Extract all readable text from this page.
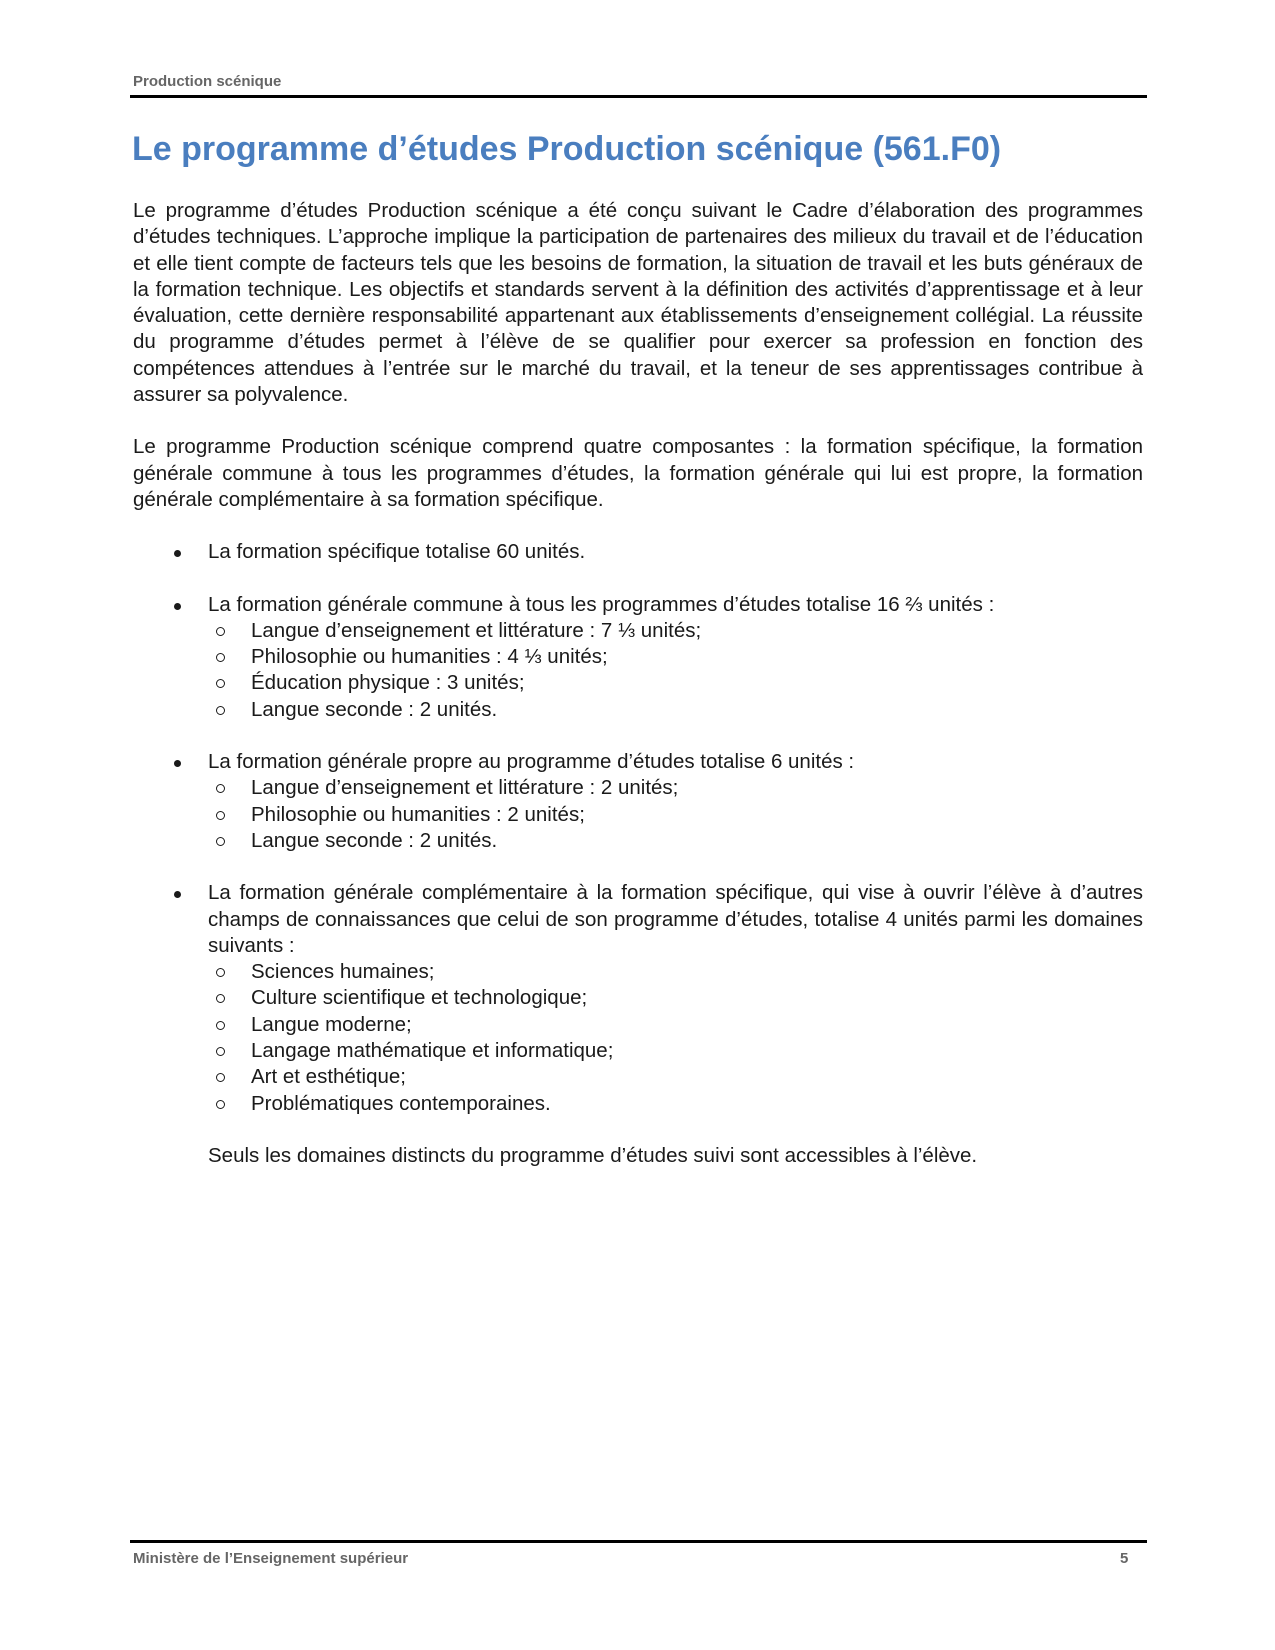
Production scénique
Le programme d’études Production scénique (561.F0)

Le programme d’études Production scénique a été conçu suivant le Cadre d’élaboration des programmes d’études techniques. L’approche implique la participation de partenaires des milieux du travail et de l’éducation et elle tient compte de facteurs tels que les besoins de formation, la situation de travail et les buts généraux de la formation technique. Les objectifs et standards servent à la définition des activités d’apprentissage et à leur évaluation, cette dernière responsabilité appartenant aux établissements d’enseignement collégial. La réussite du programme d’études permet à l’élève de se qualifier pour exercer sa profession en fonction des compétences attendues à l’entrée sur le marché du travail, et la teneur de ses apprentissages contribue à assurer sa polyvalence.

Le programme Production scénique comprend quatre composantes : la formation spécifique, la formation générale commune à tous les programmes d’études, la formation générale qui lui est propre, la formation générale complémentaire à sa formation spécifique.

La formation spécifique totalise 60 unités.
La formation générale commune à tous les programmes d’études totalise 16 ⅔ unités :
Langue d’enseignement et littérature : 7 ⅓ unités;
Philosophie ou humanities : 4 ⅓ unités;
Éducation physique : 3 unités;
Langue seconde : 2 unités.
La formation générale propre au programme d’études totalise 6 unités :
Langue d’enseignement et littérature : 2 unités;
Philosophie ou humanities : 2 unités;
Langue seconde : 2 unités.
La formation générale complémentaire à la formation spécifique, qui vise à ouvrir l’élève à d’autres champs de connaissances que celui de son programme d’études, totalise 4 unités parmi les domaines suivants :
Sciences humaines;
Culture scientifique et technologique;
Langue moderne;
Langage mathématique et informatique;
Art et esthétique;
Problématiques contemporaines.

Seuls les domaines distincts du programme d’études suivi sont accessibles à l’élève.

Ministère de l’Enseignement supérieur	5
